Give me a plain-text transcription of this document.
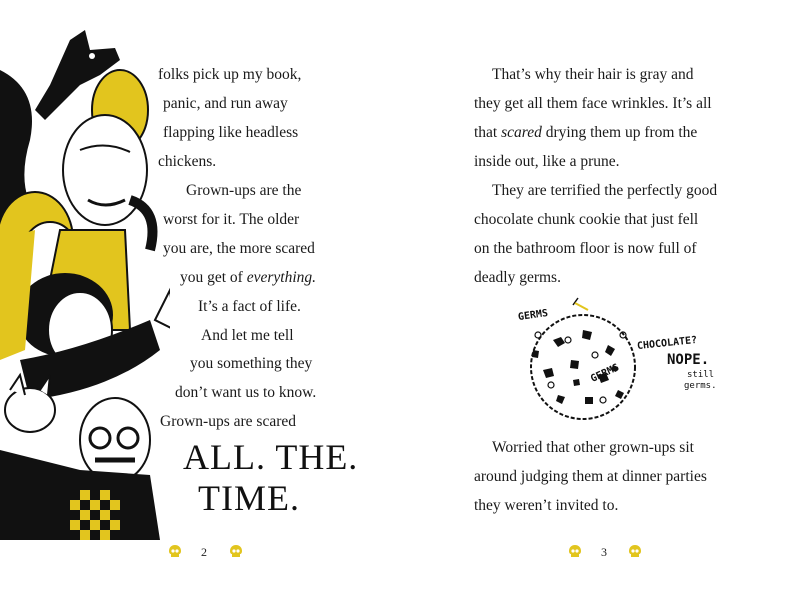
folks pick up my book,
panic, and run away
flapping like headless
chickens.
Grown-ups are the
worst for it. The older
you are, the more scared
you get of everything.
It’s a fact of life.
And let me tell
you something they
don’t want us to know.
Grown-ups are scared
ALL. THE.
TIME.
2
That’s why their hair is gray and
they get all them face wrinkles. It’s all
that scared drying them up from the
inside out, like a prune.
They are terrified the perfectly good
chocolate chunk cookie that just fell
on the bathroom floor is now full of
deadly germs.
GERMS
GERMS
CHOCOLATE?
NOPE.
still
germs.
Worried that other grown-ups sit
around judging them at dinner parties
they weren’t invited to.
3
